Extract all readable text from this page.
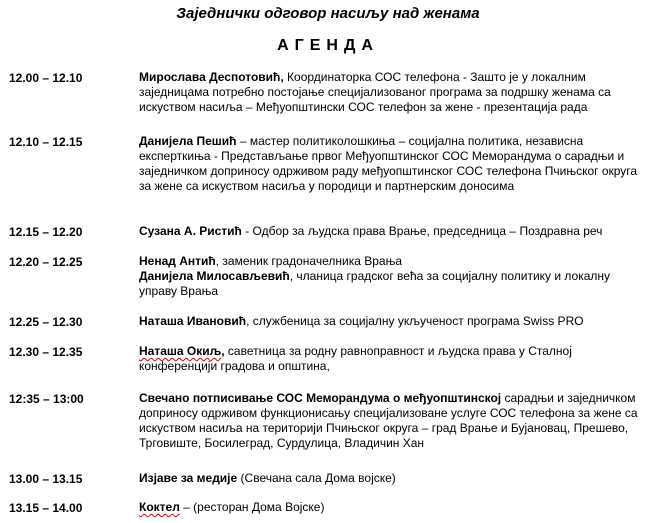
Заједнички одговор насиљу над женама
АГЕНДА
12.00 – 12.10	Мирослава Деспотовић, Координаторка СОС телефона - Зашто је у локалним заједницама потребно постојање специјализованог програма за подршку женама са искуством насиља – Међуопштински СОС телефон за жене - презентација рада
12.10 – 12.15	Данијела Пешић – мастер политиколошкиња – социјална политика, независна експерткиња - Представљање првог Међуопштинског СОС Меморандума о сарадњи и заједничком доприносу одрживом раду међуопштинског СОС телефона Пчињског округа за жене са искуством насиља у породици и партнерским доносима
12.15 – 12.20	Сузана А. Ристић - Одбор за људска права Врање, председница – Поздравна реч
12.20 – 12.25	Ненад Антић, заменик градоначелника Врања
Данијела Милосављевић, чланица градског већа за социјалну политику и локалну управу Врања
12.25 – 12.30	Наташа Ивановић, службеница за социјалну укљученост програма Swiss PRO
12.30 – 12.35	Наташа Окиљ, саветница за родну равноправност и људска права у Сталној конференцији градова и општина,
12:35 – 13:00	Свечано потписивање СОС Меморандума о међуопштинској сарадњи и заједничком доприносу одрживом функционисању специјализоване услуге СОС телефона за жене са искуством насиља на територији Пчињског округа – град Врање и Бујановац, Прешево, Трговиште, Босилеград, Сурдулица, Владичин Хан
13.00 – 13.15	Изјаве за медије (Свечана сала Дома војске)
13.15 – 14.00	Коктел – (ресторан Дома Војске)
